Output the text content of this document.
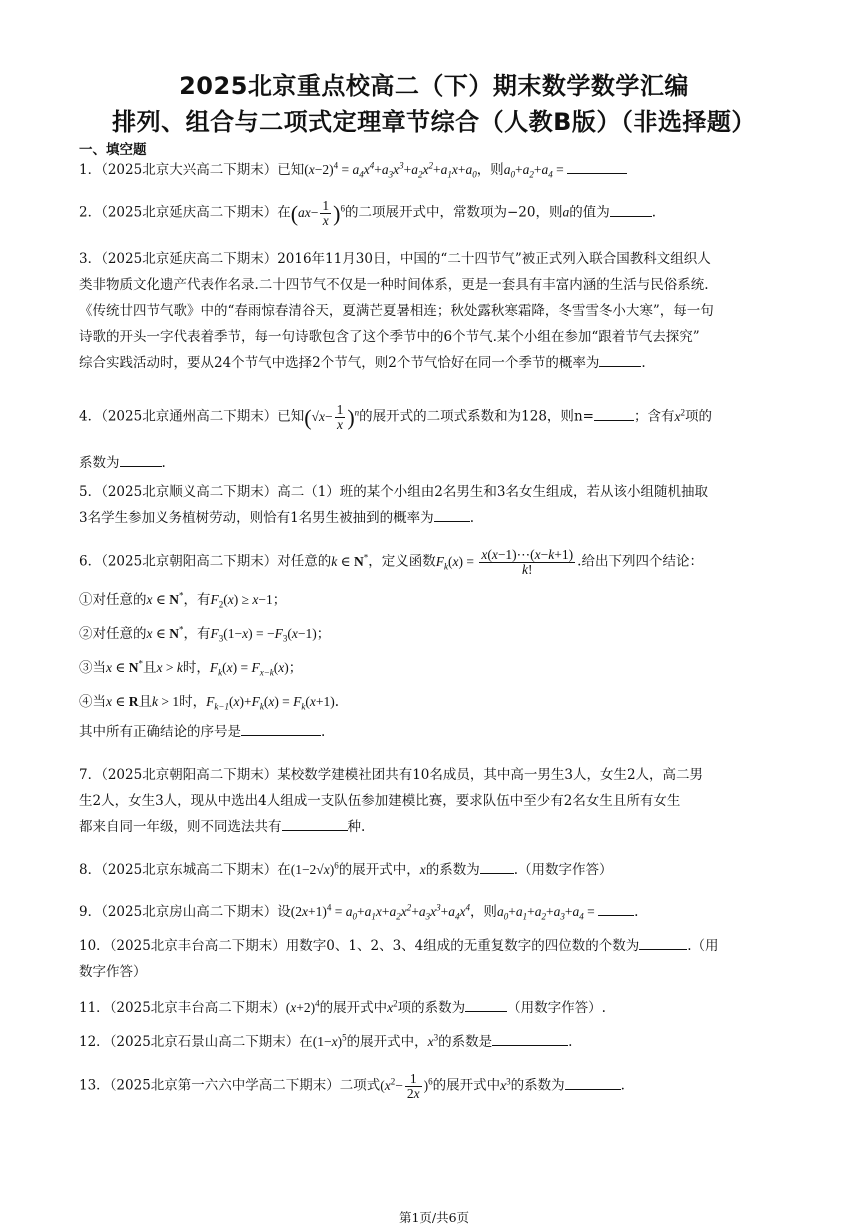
2025北京重点校高二（下）期末数学数学汇编
排列、组合与二项式定理章节综合（人教B版）（非选择题）
一、填空题
1．（2025北京大兴高二下期末）已知$(x-2)^4 = a_4x^4+a_3x^3+a_2x^2+a_1x+a_0$，则$a_0+a_2+a_4$ =
2．（2025北京延庆高二下期末）在$(ax- \frac{1}{x} )^6$的二项展开式中，常数项为−20，则a的值为	.
3．（2025北京延庆高二下期末）2016年11月30日，中国的“二十四节气”被正式列入联合国教科文组织人
类非物质文化遗产代表作名录.二十四节气不仅是一种时间体系，更是一套具有丰富内涵的生活与民俗系统.
《传统廿四节气歌》中的“春雨惊春清谷天，夏满芒夏暑相连；秋处露秋寒霜降，冬雪雪冬小大寒”，每一句
诗歌的开头一字代表着季节，每一句诗歌包含了这个季节中的6个节气.某个小组在参加“跟着节气去探究”
综合实践活动时，要从24个节气中选择2个节气，则2个节气恰好在同一个季节的概率为	.
4．（2025北京通州高二下期末）已知$(√x- \frac{1}{x} )^n$的展开式的二项式系数和为128，则n=	；含有$x^2$项的
系数为	.
5．（2025北京顺义高二下期末）高二（1）班的某个小组由2名男生和3名女生组成，若从该小组随机抽取
3名学生参加义务植树劳动，则恰有1名男生被抽到的概率为	.
6．（2025北京朝阳高二下期末）对任意的k ∈ N*，定义函数$F_k(x) = \frac{x(x-1)\cdots(x-k+1)}{k!}$ .给出下列四个结论：
①对任意的x ∈ N*，有$F_2(x) \ge x-1$；
②对任意的x ∈ N*，有$F_3(1-x) = -F_3(x-1)$；
③当x ∈ N*且x > k时，$F_k(x) = F_{x-k}(x)$；
④当x ∈ R且k > 1时，$F_{k-1}(x)+F_k(x) = F_k(x+1)$.
其中所有正确结论的序号是	.
7．（2025北京朝阳高二下期末）某校数学建模社团共有10名成员，其中高一男生3人，女生2人，高二男
生2人，女生3人，现从中选出4人组成一支队伍参加建模比赛，要求队伍中至少有2名女生且所有女生
都来自同一年级，则不同选法共有	种.
8．（2025北京东城高二下期末）在$(1-2√x)^6$的展开式中，x的系数为	.（用数字作答）
9．（2025北京房山高二下期末）设$(2x+1)^4 = a_0+a_1x+a_2x^2+a_3x^3+a_4x^4$，则$a_0+a_1+a_2+a_3+a_4$ =	.
10．（2025北京丰台高二下期末）用数字0、1、2、3、4组成的无重复数字的四位数的个数为	.（用
数字作答）
11．（2025北京丰台高二下期末）$(x+2)^4$的展开式中$x^2$项的系数为	（用数字作答）.
12．（2025北京石景山高二下期末）在$(1-x)^5$的展开式中，$x^3$的系数是	.
13．（2025北京第一六六中学高二下期末）二项式$(x^2- \frac{1}{2x} )^6$的展开式中$x^3$的系数为	.
第1页/共6页
